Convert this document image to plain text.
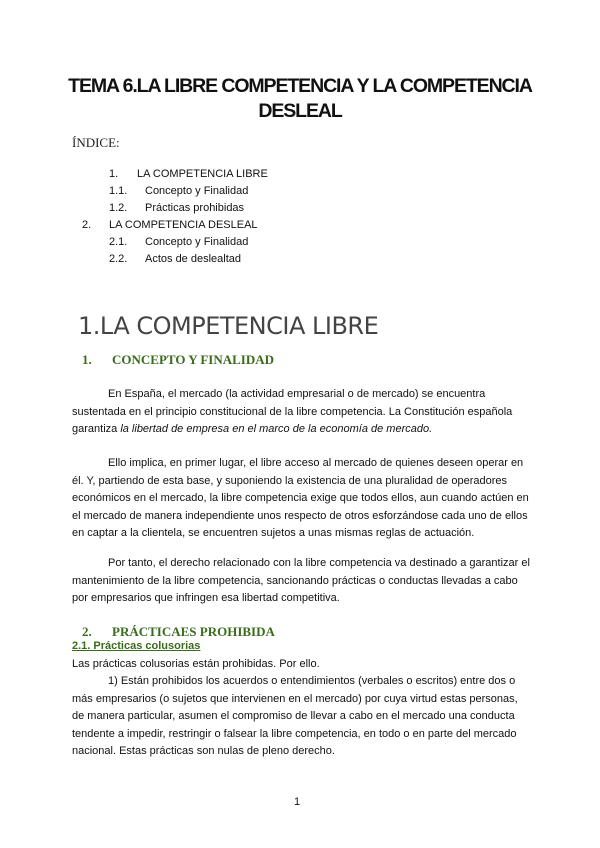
TEMA 6.LA LIBRE COMPETENCIA Y LA COMPETENCIA DESLEAL
ÍNDICE:
1. LA COMPETENCIA LIBRE
1.1. Concepto y Finalidad
1.2. Prácticas prohibidas
2. LA COMPETENCIA DESLEAL
2.1. Concepto y Finalidad
2.2. Actos de deslealtad
1.LA COMPETENCIA LIBRE
1. CONCEPTO Y FINALIDAD

En España, el mercado (la actividad empresarial o de mercado) se encuentra sustentada en el principio constitucional de la libre competencia. La Constitución española garantiza la libertad de empresa en el marco de la economía de mercado.

Ello implica, en primer lugar, el libre acceso al mercado de quienes deseen operar en él. Y, partiendo de esta base, y suponiendo la existencia de una pluralidad de operadores económicos en el mercado, la libre competencia exige que todos ellos, aun cuando actúen en el mercado de manera independiente unos respecto de otros esforzándose cada uno de ellos en captar a la clientela, se encuentren sujetos a unas mismas reglas de actuación.

Por tanto, el derecho relacionado con la libre competencia va destinado a garantizar el mantenimiento de la libre competencia, sancionando prácticas o conductas llevadas a cabo por empresarios que infringen esa libertad competitiva.

2. PRÁCTICAES PROHIBIDA
2.1. Prácticas colusorias

Las prácticas colusorias están prohibidas. Por ello.

1) Están prohibidos los acuerdos o entendimientos (verbales o escritos) entre dos o más empresarios (o sujetos que intervienen en el mercado) por cuya virtud estas personas, de manera particular, asumen el compromiso de llevar a cabo en el mercado una conducta tendente a impedir, restringir o falsear la libre competencia, en todo o en parte del mercado nacional. Estas prácticas son nulas de pleno derecho.

1
